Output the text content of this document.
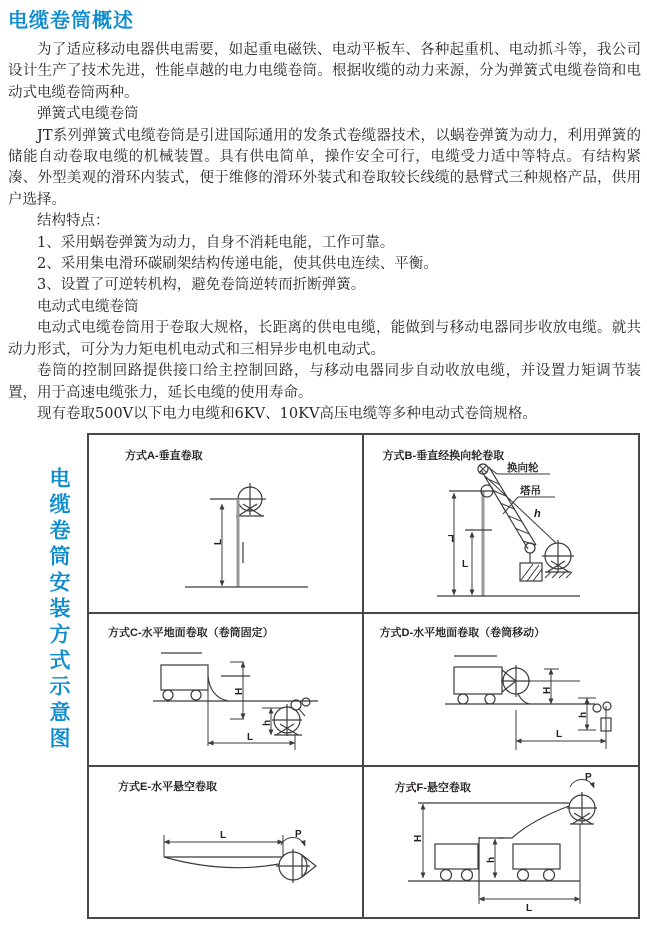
电缆卷筒概述

为了适应移动电器供电需要，如起重电磁铁、电动平板车、各种起重机、电动抓斗等，我公司设计生产了技术先进，性能卓越的电力电缆卷筒。根据收缆的动力来源，分为弹簧式电缆卷筒和电动式电缆卷筒两种。

弹簧式电缆卷筒

JT系列弹簧式电缆卷筒是引进国际通用的发条式卷缆器技术，以蜗卷弹簧为动力，利用弹簧的储能自动卷取电缆的机械装置。具有供电简单，操作安全可行，电缆受力适中等特点。有结构紧凑、外型美观的滑环内装式，便于维修的滑环外装式和卷取较长线缆的悬臂式三种规格产品，供用户选择。

结构特点：

1、采用蜗卷弹簧为动力，自身不消耗电能，工作可靠。

2、采用集电滑环碳刷架结构传递电能，使其供电连续、平衡。

3、设置了可逆转机构，避免卷筒逆转而折断弹簧。

电动式电缆卷筒

电动式电缆卷筒用于卷取大规格，长距离的供电电缆，能做到与移动电器同步收放电缆。就共动力形式，可分为力矩电机电动式和三相异步电机电动式。

卷筒的控制回路提供接口给主控制回路，与移动电器同步自动收放电缆，并设置力矩调节装置，用于高速电缆张力，延长电缆的使用寿命。

现有卷取500V以下电力电缆和6KV、10KV高压电缆等多种电动式卷筒规格。

电缆卷筒安装方式示意图
方式A-垂直卷取
L
方式B-垂直经换向轮卷取
换向轮
塔吊
h
L
L
方式C-水平地面卷取（卷筒固定）
H
h
L
方式D-水平地面卷取（卷筒移动）
H
h
L
方式E-水平悬空卷取
L	P
方式F-悬空卷取
P
h
H
L
